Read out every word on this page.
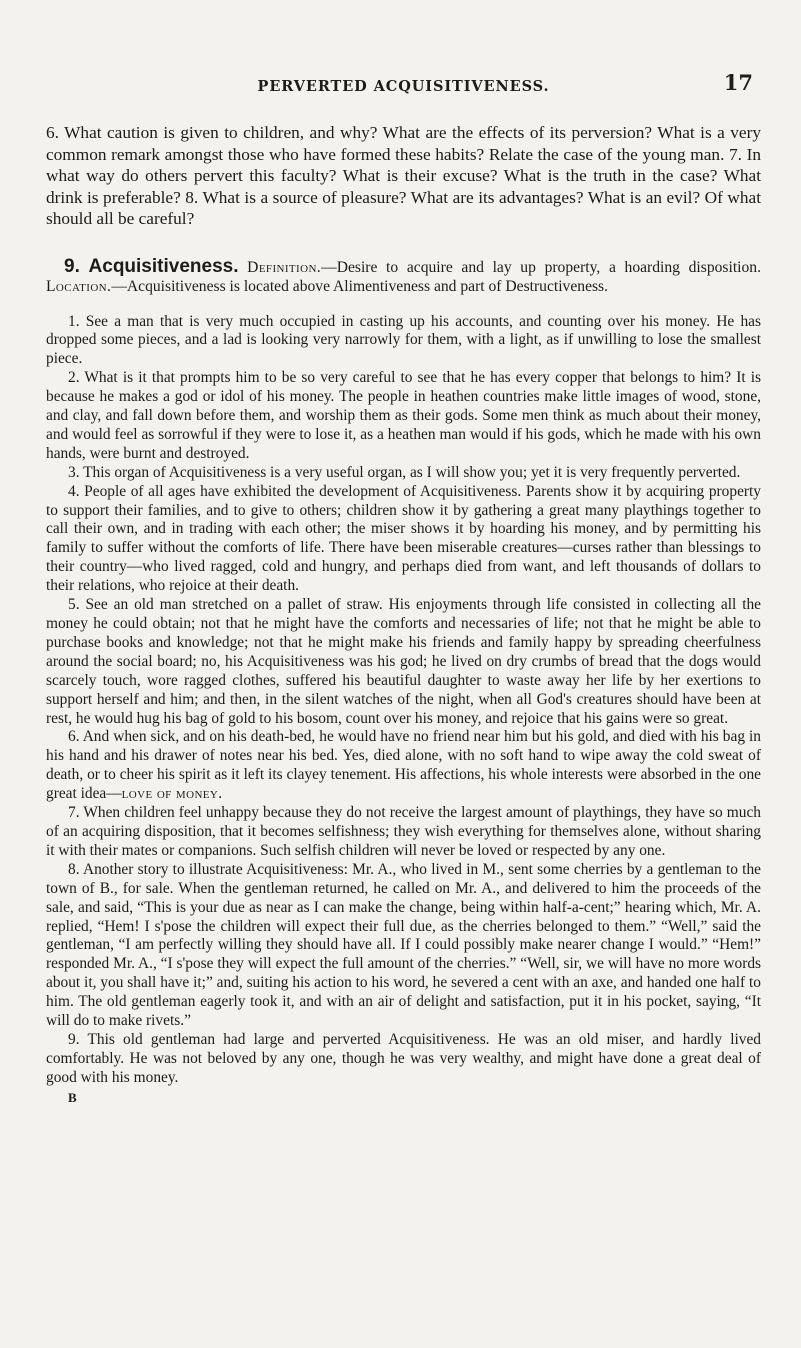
PERVERTED ACQUISITIVENESS.	17
6. What caution is given to children, and why? What are the effects of its perversion? What is a very common remark amongst those who have formed these habits? Relate the case of the young man. 7. In what way do others pervert this faculty? What is their excuse? What is the truth in the case? What drink is preferable? 8. What is a source of pleasure? What are its advantages? What is an evil? Of what should all be careful?
9. Acquisitiveness. Definition.—Desire to acquire and lay up property, a hoarding disposition. Location.—Acquisitiveness is located above Alimentiveness and part of Destructiveness.

1. See a man that is very much occupied in casting up his accounts, and counting over his money. He has dropped some pieces, and a lad is looking very narrowly for them, with a light, as if unwilling to lose the smallest piece.

2. What is it that prompts him to be so very careful to see that he has every copper that belongs to him? It is because he makes a god or idol of his money. The people in heathen countries make little images of wood, stone, and clay, and fall down before them, and worship them as their gods. Some men think as much about their money, and would feel as sorrowful if they were to lose it, as a heathen man would if his gods, which he made with his own hands, were burnt and destroyed.

3. This organ of Acquisitiveness is a very useful organ, as I will show you; yet it is very frequently perverted.

4. People of all ages have exhibited the development of Acquisitiveness. Parents show it by acquiring property to support their families, and to give to others; children show it by gathering a great many playthings together to call their own, and in trading with each other; the miser shows it by hoarding his money, and by permitting his family to suffer without the comforts of life. There have been miserable creatures—curses rather than blessings to their country—who lived ragged, cold and hungry, and perhaps died from want, and left thousands of dollars to their relations, who rejoice at their death.

5. See an old man stretched on a pallet of straw. His enjoyments through life consisted in collecting all the money he could obtain; not that he might have the comforts and necessaries of life; not that he might be able to purchase books and knowledge; not that he might make his friends and family happy by spreading cheerfulness around the social board; no, his Acquisitiveness was his god; he lived on dry crumbs of bread that the dogs would scarcely touch, wore ragged clothes, suffered his beautiful daughter to waste away her life by her exertions to support herself and him; and then, in the silent watches of the night, when all God's creatures should have been at rest, he would hug his bag of gold to his bosom, count over his money, and rejoice that his gains were so great.

6. And when sick, and on his death-bed, he would have no friend near him but his gold, and died with his bag in his hand and his drawer of notes near his bed. Yes, died alone, with no soft hand to wipe away the cold sweat of death, or to cheer his spirit as it left its clayey tenement. His affections, his whole interests were absorbed in the one great idea—love of money.

7. When children feel unhappy because they do not receive the largest amount of playthings, they have so much of an acquiring disposition, that it becomes selfishness; they wish everything for themselves alone, without sharing it with their mates or companions. Such selfish children will never be loved or respected by any one.

8. Another story to illustrate Acquisitiveness: Mr. A., who lived in M., sent some cherries by a gentleman to the town of B., for sale. When the gentleman returned, he called on Mr. A., and delivered to him the proceeds of the sale, and said, “This is your due as near as I can make the change, being within half-a-cent;” hearing which, Mr. A. replied, “Hem! I s'pose the children will expect their full due, as the cherries belonged to them.” “Well,” said the gentleman, “I am perfectly willing they should have all. If I could possibly make nearer change I would.” “Hem!” responded Mr. A., “I s'pose they will expect the full amount of the cherries.” “Well, sir, we will have no more words about it, you shall have it;” and, suiting his action to his word, he severed a cent with an axe, and handed one half to him. The old gentleman eagerly took it, and with an air of delight and satisfaction, put it in his pocket, saying, “It will do to make rivets.”

9. This old gentleman had large and perverted Acquisitiveness. He was an old miser, and hardly lived comfortably. He was not beloved by any one, though he was very wealthy, and might have done a great deal of good with his money.

B
